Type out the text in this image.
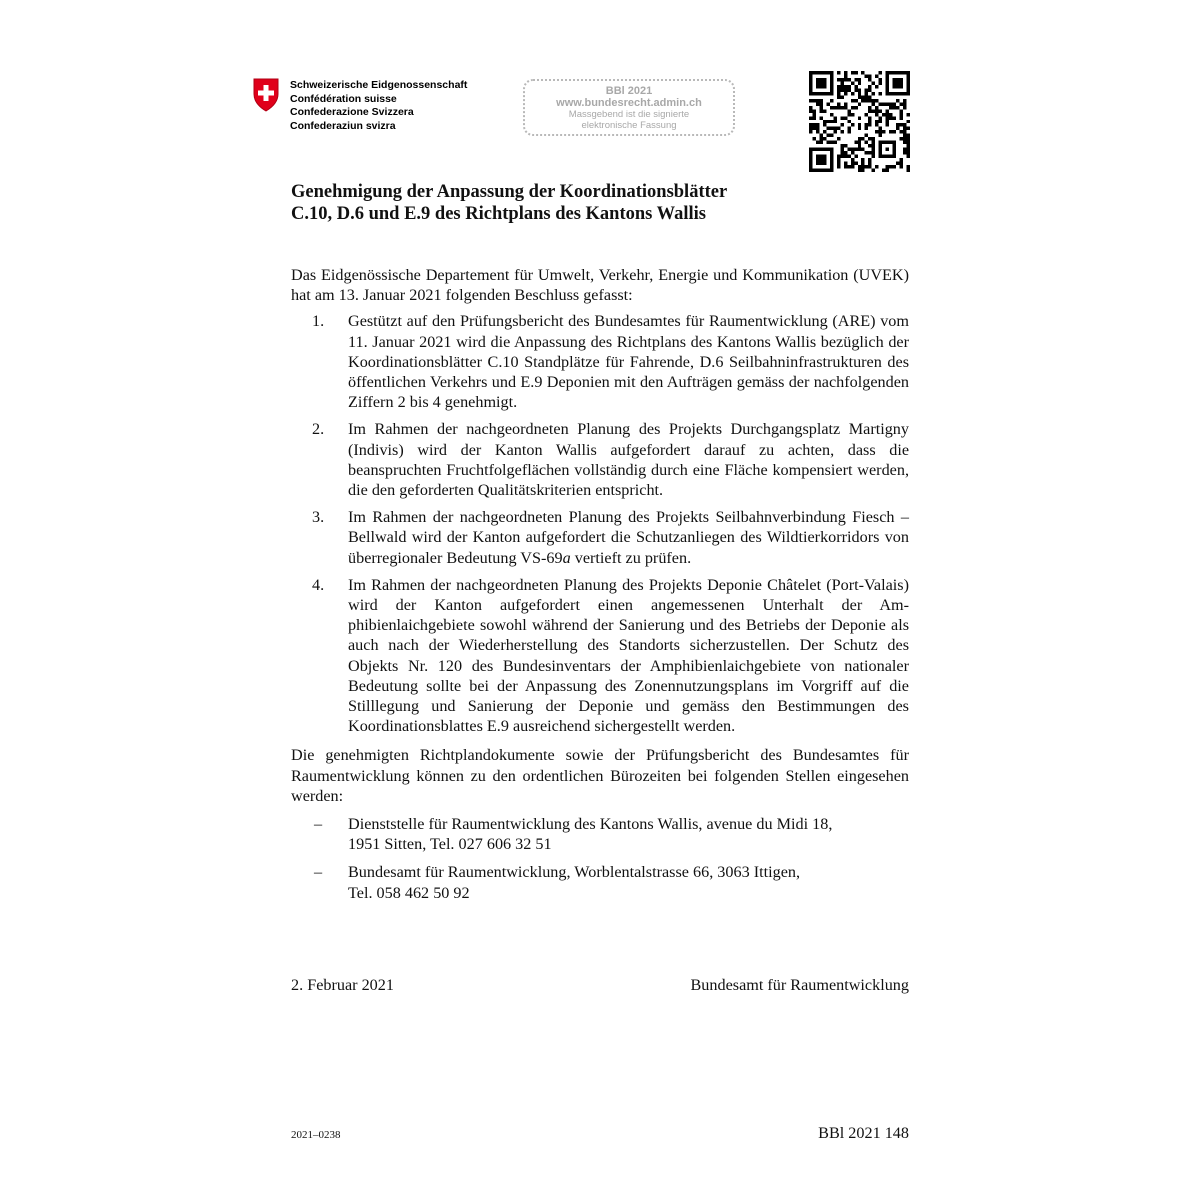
Schweizerische Eidgenossenschaft
Confédération suisse
Confederazione Svizzera
Confederaziun svizra
BBl 2021
www.bundesrecht.admin.ch
Massgebend ist die signierte
elektronische Fassung
Genehmigung der Anpassung der Koordinationsblätter
C.10, D.6 und E.9 des Richtplans des Kantons Wallis

Das Eidgenössische Departement für Umwelt, Verkehr, Energie und Kommunikation (UVEK) hat am 13. Januar 2021 folgenden Beschluss gefasst:

1. Gestützt auf den Prüfungsbericht des Bundesamtes für Raumentwicklung (ARE) vom 11. Januar 2021 wird die Anpassung des Richtplans des Kantons Wallis bezüglich der Koordinationsblätter C.10 Standplätze für Fahrende, D.6 Seilbahninfrastrukturen des öffentlichen Verkehrs und E.9 Deponien mit den Aufträgen gemäss der nachfolgenden Ziffern 2 bis 4 genehmigt.
2. Im Rahmen der nachgeordneten Planung des Projekts Durchgangsplatz Martigny (Indivis) wird der Kanton Wallis aufgefordert darauf zu achten, dass die beanspruchten Fruchtfolgeflächen vollständig durch eine Fläche kompensiert werden, die den geforderten Qualitätskriterien entspricht.
3. Im Rahmen der nachgeordneten Planung des Projekts Seilbahnverbindung Fiesch – Bellwald wird der Kanton aufgefordert die Schutzanliegen des Wildtierkorridors von überregionaler Bedeutung VS-69a vertieft zu prüfen.
4. Im Rahmen der nachgeordneten Planung des Projekts Deponie Châtelet (Port-Valais) wird der Kanton aufgefordert einen angemessenen Unterhalt der Amphibienlaichgebiete sowohl während der Sanierung und des Betriebs der Deponie als auch nach der Wiederherstellung des Standorts sicherzustellen. Der Schutz des Objekts Nr. 120 des Bundesinventars der Amphibienlaichgebiete von nationaler Bedeutung sollte bei der Anpassung des Zonennutzungsplans im Vorgriff auf die Stilllegung und Sanierung der Deponie und gemäss den Bestimmungen des Koordinationsblattes E.9 ausreichend sichergestellt werden.

Die genehmigten Richtplandokumente sowie der Prüfungsbericht des Bundesamtes für Raumentwicklung können zu den ordentlichen Bürozeiten bei folgenden Stellen eingesehen werden:

– Dienststelle für Raumentwicklung des Kantons Wallis, avenue du Midi 18,
1951 Sitten, Tel. 027 606 32 51
– Bundesamt für Raumentwicklung, Worblentalstrasse 66, 3063 Ittigen,
Tel. 058 462 50 92
2. Februar 2021	Bundesamt für Raumentwicklung
2021–0238	BBl 2021 148
